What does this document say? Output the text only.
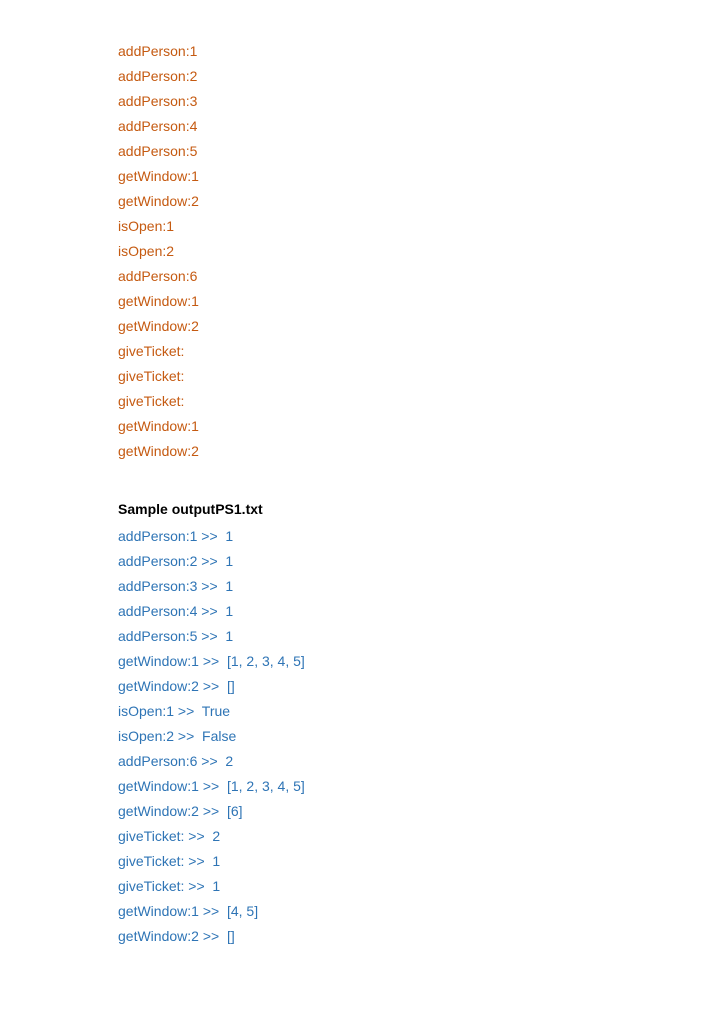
addPerson:1
addPerson:2
addPerson:3
addPerson:4
addPerson:5
getWindow:1
getWindow:2
isOpen:1
isOpen:2
addPerson:6
getWindow:1
getWindow:2
giveTicket:
giveTicket:
giveTicket:
getWindow:1
getWindow:2
Sample outputPS1.txt
addPerson:1 >>  1
addPerson:2 >>  1
addPerson:3 >>  1
addPerson:4 >>  1
addPerson:5 >>  1
getWindow:1 >>  [1, 2, 3, 4, 5]
getWindow:2 >>  []
isOpen:1 >>  True
isOpen:2 >>  False
addPerson:6 >>  2
getWindow:1 >>  [1, 2, 3, 4, 5]
getWindow:2 >>  [6]
giveTicket: >>  2
giveTicket: >>  1
giveTicket: >>  1
getWindow:1 >>  [4, 5]
getWindow:2 >>  []
